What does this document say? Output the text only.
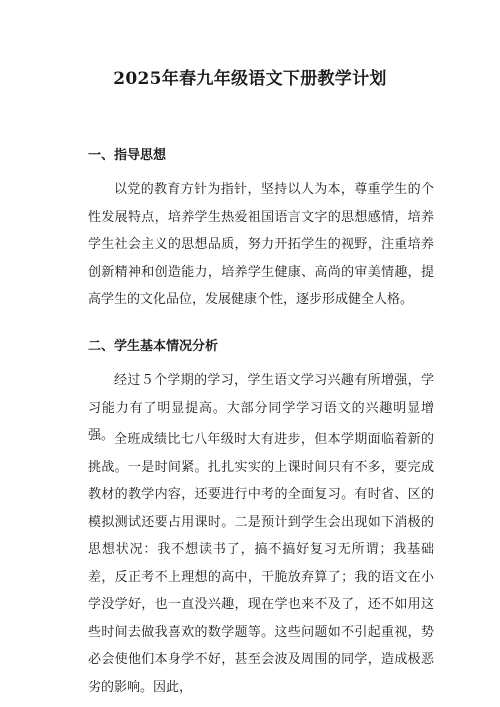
2025年春九年级语文下册教学计划
一、指导思想

以党的教育方针为指针，坚持以人为本，尊重学生的个性发展特点，培养学生热爱祖国语言文字的思想感情，培养学生社会主义的思想品质，努力开拓学生的视野，注重培养创新精神和创造能力，培养学生健康、高尚的审美情趣，提高学生的文化品位，发展健康个性，逐步形成健全人格。

二、学生基本情况分析

经过５个学期的学习，学生语文学习兴趣有所增强，学习能力有了明显提高。大部分同学学习语文的兴趣明显增强。 全班成绩比七八年级时大有进步，但本学期面临着新的挑战。一是时间紧。扎扎实实的上课时间只有不多，要完成教材的教学内容，还要进行中考的全面复习。有时省、区的模拟测试还要占用课时。二是预计到学生会出现如下消极的思想状况：我不想读书了，搞不搞好复习无所谓；我基础差，反正考不上理想的高中，干脆放弃算了；我的语文在小学没学好，也一直没兴趣，现在学也来不及了，还不如用这些时间去做我喜欢的数学题等。这些问题如不引起重视，势必会使他们本身学不好，甚至会波及周围的同学，造成极恶劣的影响。因此，
